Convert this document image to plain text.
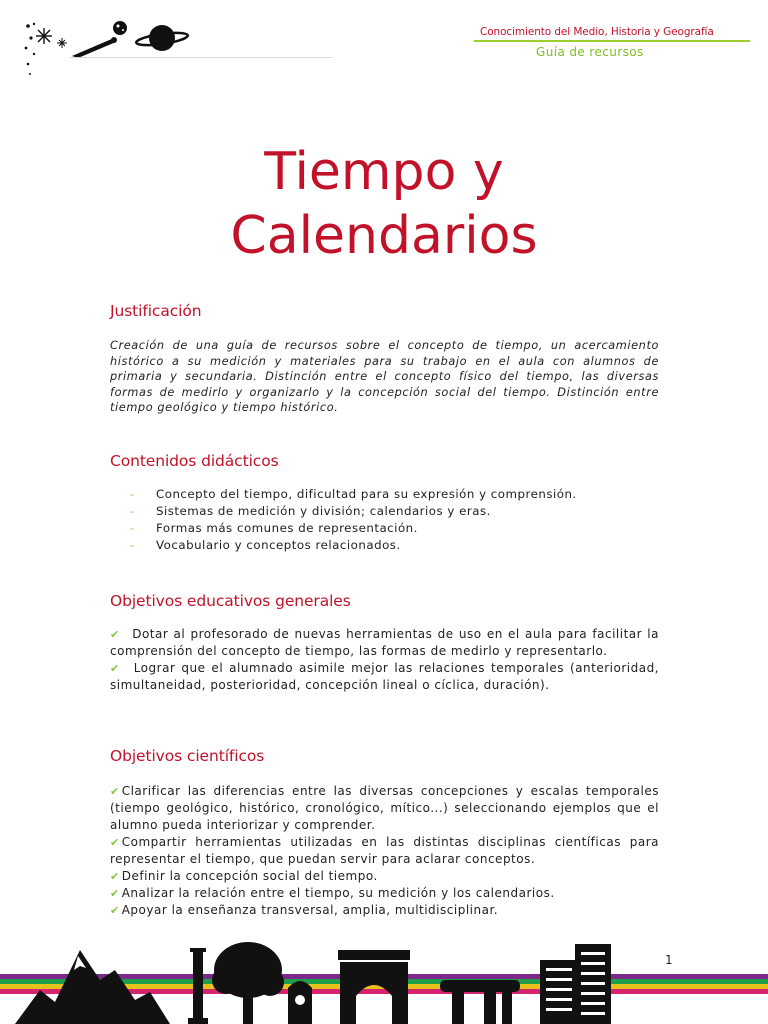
Conocimiento del Medio, Historia y Geografía
Guía de recursos
Tiempo y
Calendarios
Justificación

Creación de una guía de recursos sobre el concepto de tiempo, un acercamiento histórico a su medición y materiales para su trabajo en el aula con alumnos de primaria y secundaria. Distinción entre el concepto físico del tiempo, las diversas formas de medirlo y organizarlo y la concepción social del tiempo. Distinción entre tiempo geológico y tiempo histórico.

Contenidos didácticos
- Concepto del tiempo, dificultad para su expresión y comprensión.
- Sistemas de medición y división; calendarios y eras.
- Formas más comunes de representación.
- Vocabulario y conceptos relacionados.
Objetivos educativos generales
✔ Dotar al profesorado de nuevas herramientas de uso en el aula para facilitar la comprensión del concepto de tiempo, las formas de medirlo y representarlo.
✔ Lograr que el alumnado asimile mejor las relaciones temporales (anterioridad, simultaneidad, posterioridad, concepción lineal o cíclica, duración).
Objetivos científicos
✔ Clarificar las diferencias entre las diversas concepciones y escalas temporales (tiempo geológico, histórico, cronológico, mítico...) seleccionando ejemplos que el alumno pueda interiorizar y comprender.
✔ Compartir herramientas utilizadas en las distintas disciplinas científicas para representar el tiempo, que puedan servir para aclarar conceptos.
✔ Definir la concepción social del tiempo.
✔ Analizar la relación entre el tiempo, su medición y los calendarios.
✔ Apoyar la enseñanza transversal, amplia, multidisciplinar.
1
